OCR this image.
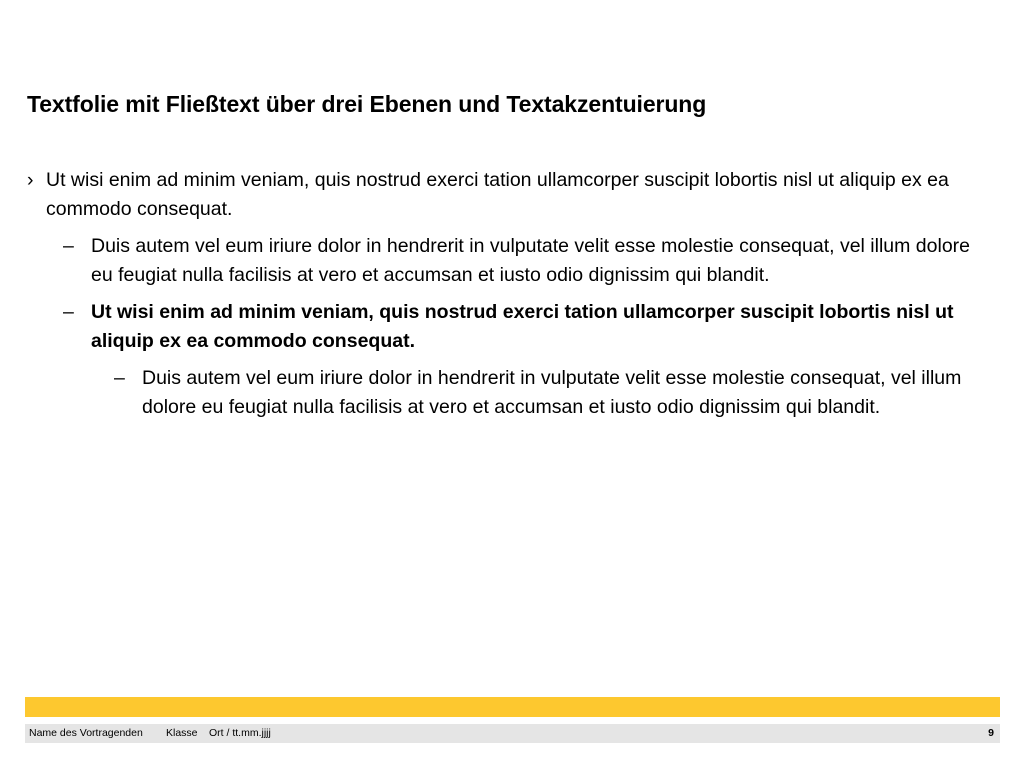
Textfolie mit Fließtext über drei Ebenen und Textakzentuierung
› Ut wisi enim ad minim veniam, quis nostrud exerci tation ullamcorper suscipit lobortis nisl ut aliquip ex ea commodo consequat.
– Duis autem vel eum iriure dolor in hendrerit in vulputate velit esse molestie consequat, vel illum dolore eu feugiat nulla facilisis at vero et accumsan et iusto odio dignissim qui blandit.
– Ut wisi enim ad minim veniam, quis nostrud exerci tation ullamcorper suscipit lobortis nisl ut aliquip ex ea commodo consequat.
– Duis autem vel eum iriure dolor in hendrerit in vulputate velit esse molestie consequat, vel illum dolore eu feugiat nulla facilisis at vero et accumsan et iusto odio dignissim qui blandit.
Name des Vortragenden Klasse Ort / tt.mm.jjjj	9
